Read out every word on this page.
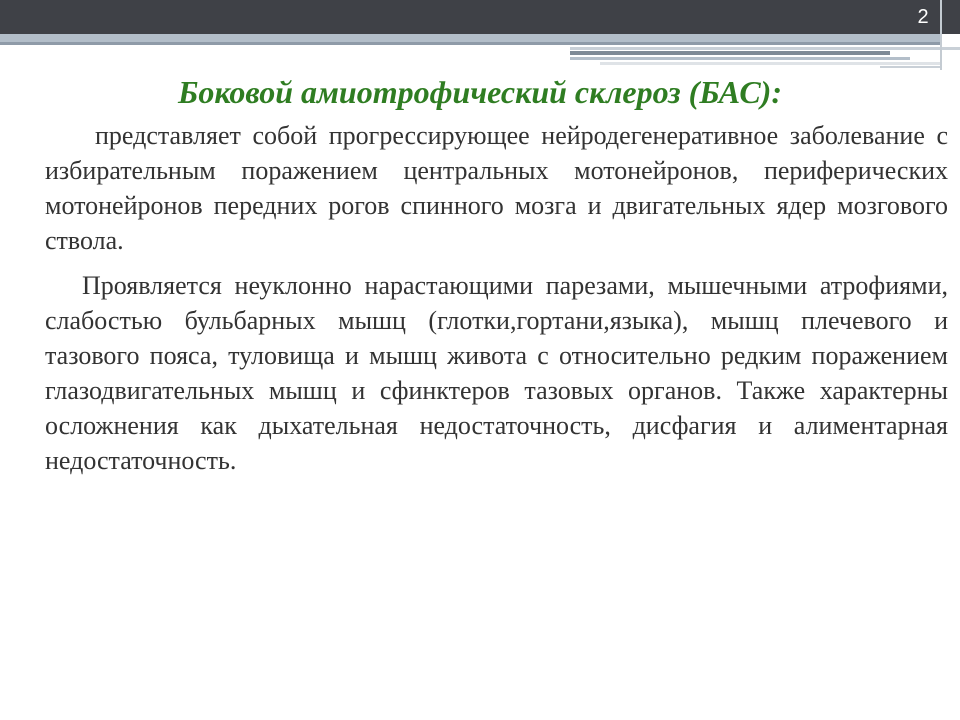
2
Боковой амиотрофический склероз (БАС):

представляет собой прогрессирующее нейродегенеративное заболевание с избирательным поражением центральных мотонейронов, периферических мотонейронов передних рогов спинного мозга и двигательных ядер мозгового ствола.

Проявляется неуклонно нарастающими парезами, мышечными атрофиями, слабостью бульбарных мышц (глотки,гортани,языка), мышц плечевого и тазового пояса, туловища и мышц живота с относительно редким поражением глазодвигательных мышц и сфинктеров тазовых органов. Также характерны осложнения как дыхательная недостаточность, дисфагия и алиментарная недостаточность.
